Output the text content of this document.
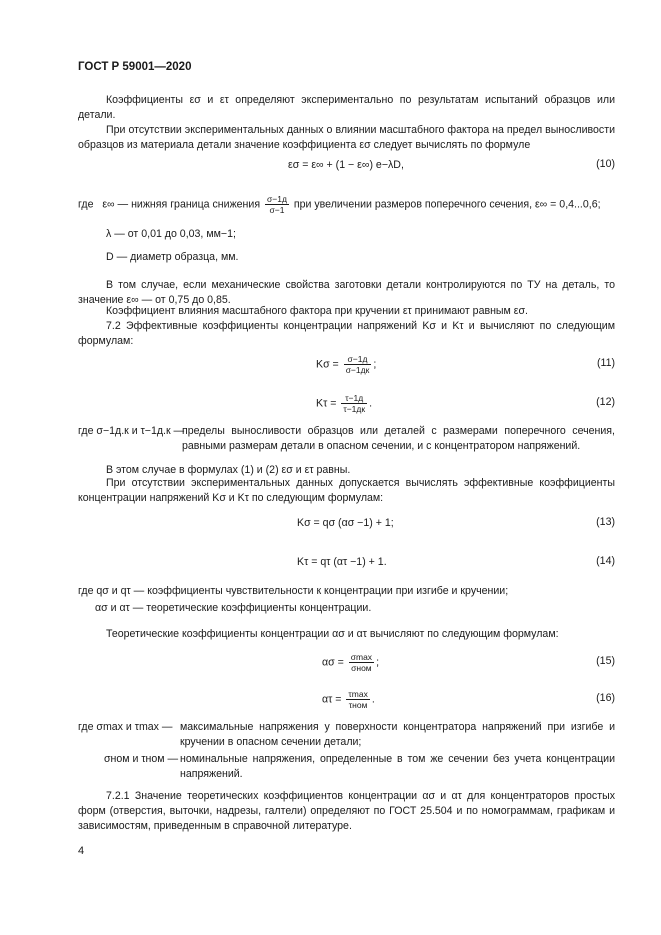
ГОСТ Р 59001—2020
Коэффициенты εσ и ετ определяют экспериментально по результатам испытаний образцов или детали.
При отсутствии экспериментальных данных о влиянии масштабного фактора на предел выносливости образцов из материала детали значение коэффициента εσ следует вычислять по формуле
εσ = ε∞ + (1 − ε∞) e−λD,	(10)
где ε∞ — нижняя граница снижения $\frac{\sigma-1д}{\sigma-1}$ при увеличении размеров поперечного сечения, ε∞ = 0,4...0,6;
λ — от 0,01 до 0,03, мм−1;
D — диаметр образца, мм.
В том случае, если механические свойства заготовки детали контролируются по ТУ на деталь, то значение ε∞ — от 0,75 до 0,85.
Коэффициент влияния масштабного фактора при кручении ετ принимают равным εσ.
7.2 Эффективные коэффициенты концентрации напряжений Kσ и Kτ и вычисляют по следующим формулам:
$K\sigma = \frac{\sigma-1д}{\sigma-1дк}$ ;	(11)
$K\tau = \frac{\tau-1д}{\tau-1дк}$ .	(12)
где σ−1д.к и τ−1д.к —
пределы выносливости образцов или деталей с размерами поперечного сечения, равными размерам детали в опасном сечении, и с концентратором напряжений.
В этом случае в формулах (1) и (2) εσ и ετ равны.
При отсутствии экспериментальных данных допускается вычислять эффективные коэффициенты концентрации напряжений Kσ и Kτ по следующим формулам:
Kσ = qσ (ασ −1) + 1;	(13)
Kτ = qτ (ατ −1) + 1.	(14)
где qσ и qτ — коэффициенты чувствительности к концентрации при изгибе и кручении;
ασ и ατ — теоретические коэффициенты концентрации.
Теоретические коэффициенты концентрации ασ и ατ вычисляют по следующим формулам:
$\alpha\sigma = \frac{\sigma\max}{\text{σном}}$ ;	(15)
$\alpha\tau = \frac{\tau\max}{\text{τном}}$ .	(16)
где σmax и τmax — максимальные напряжения у поверхности концентратора напряжений при изгибе и кручении в опасном сечении детали;
σном и τном — номинальные напряжения, определенные в том же сечении без учета концентрации напряжений.
7.2.1 Значение теоретических коэффициентов концентрации ασ и ατ для концентраторов простых форм (отверстия, выточки, надрезы, галтели) определяют по ГОСТ 25.504 и по номограммам, графикам и зависимостям, приведенным в справочной литературе.
4
